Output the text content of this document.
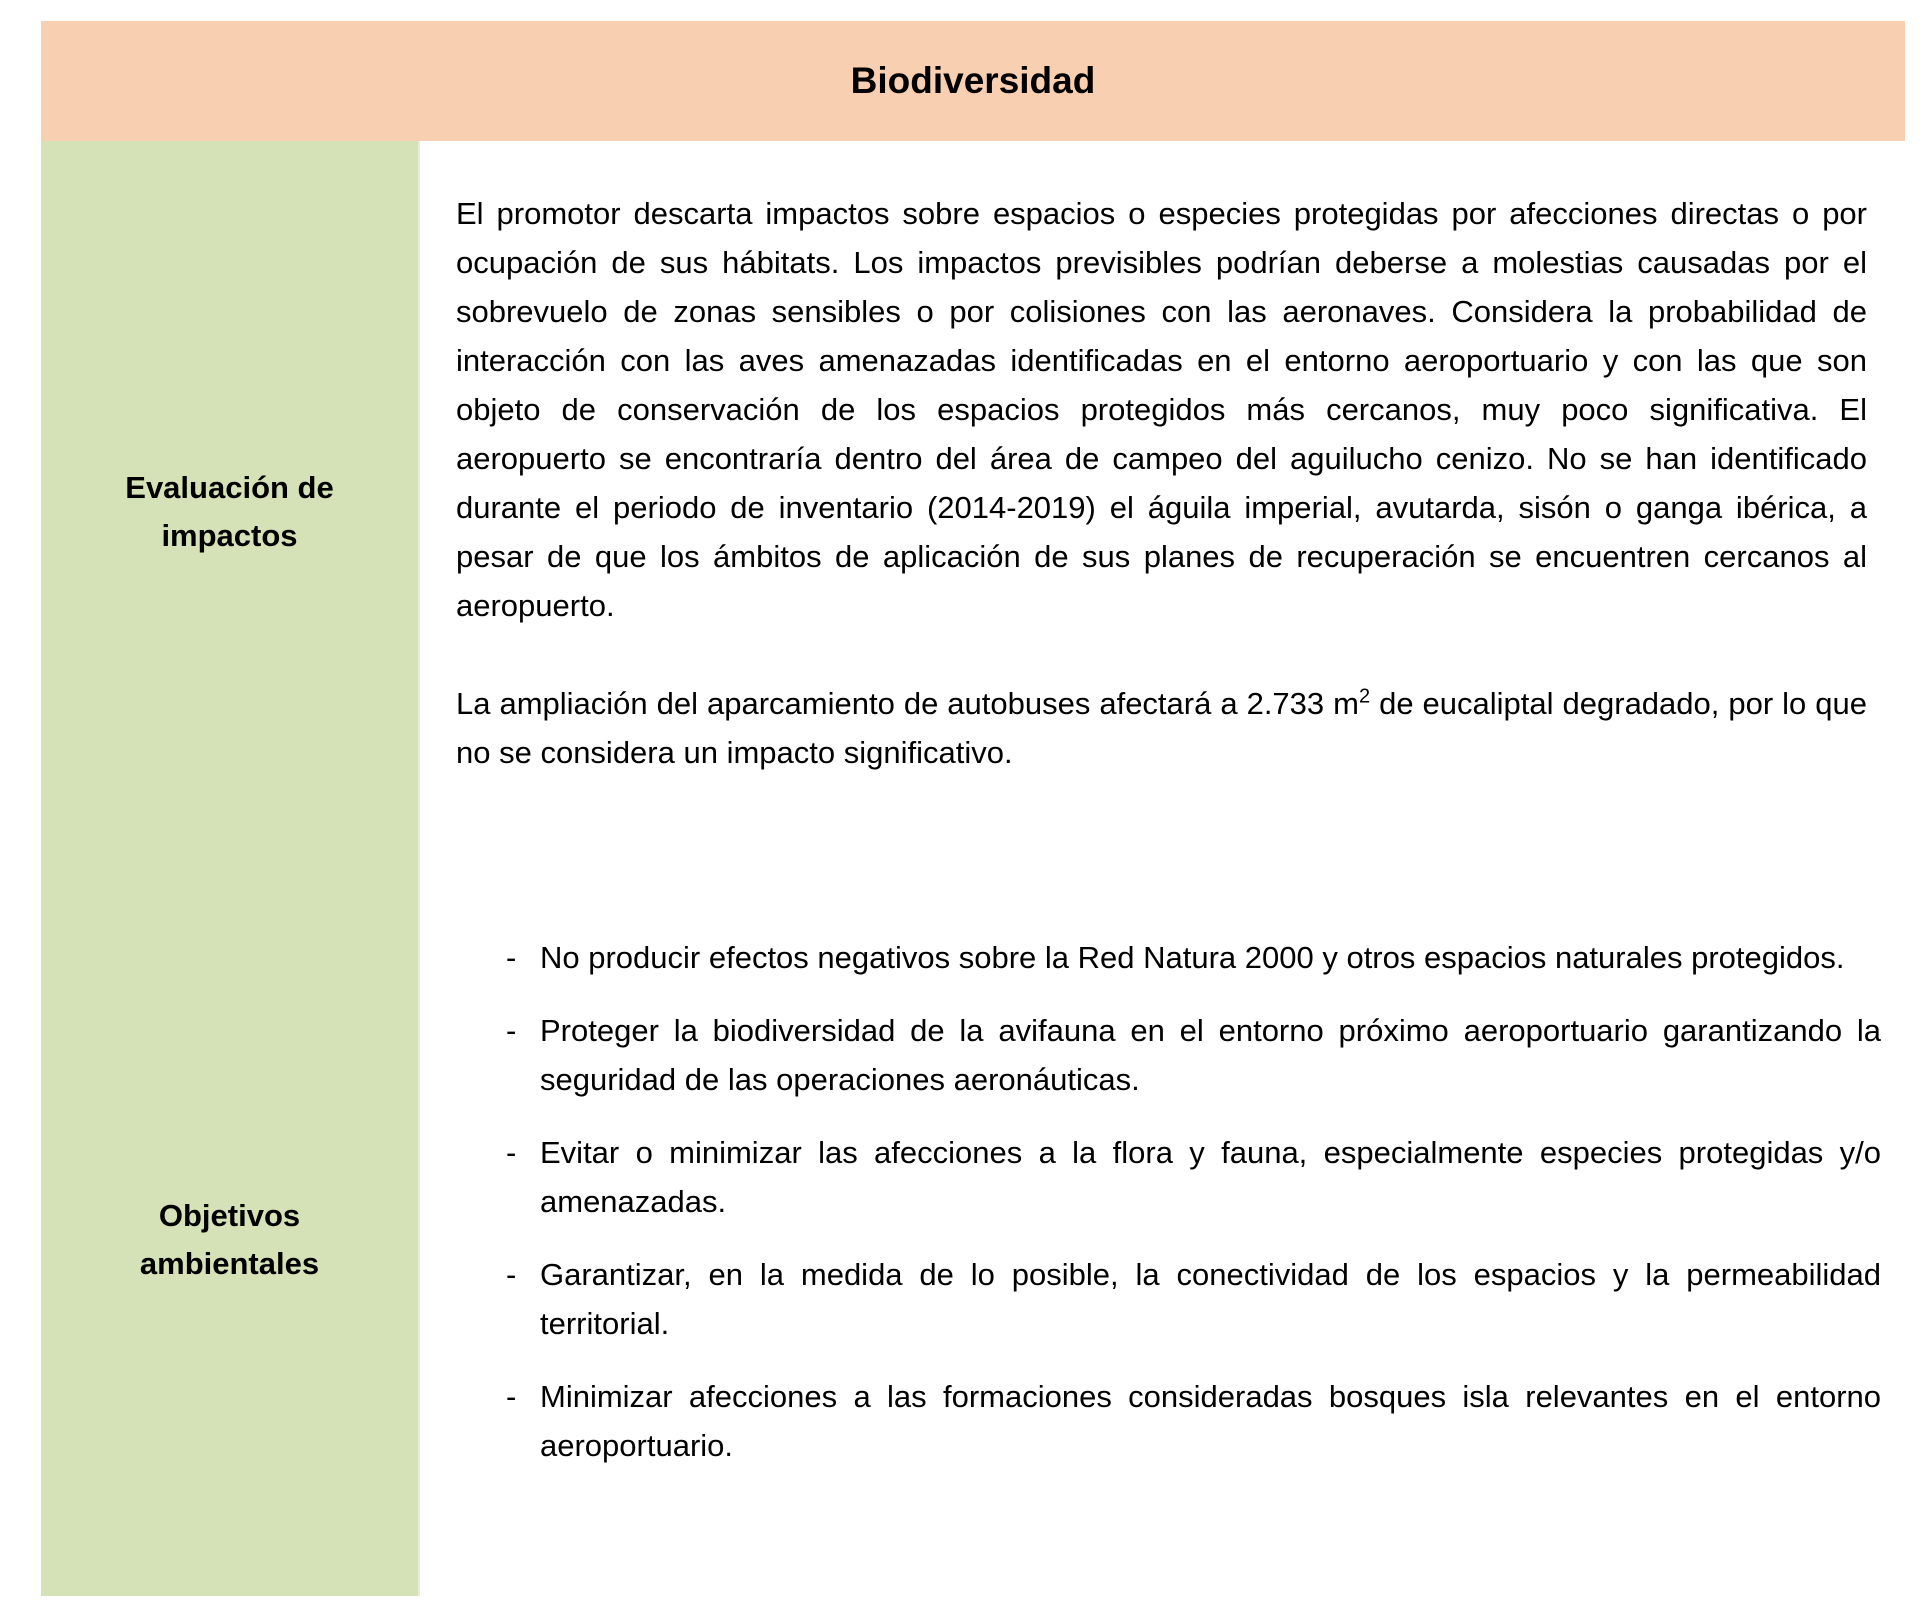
Biodiversidad
Evaluación de
impactos

El promotor descarta impactos sobre espacios o especies protegidas por afecciones directas o por ocupación de sus hábitats. Los impactos previsibles podrían deberse a molestias causadas por el sobrevuelo de zonas sensibles o por colisiones con las aeronaves. Considera la probabilidad de interacción con las aves amenazadas identificadas en el entorno aeroportuario y con las que son objeto de conservación de los espacios protegidos más cercanos, muy poco significativa. El aeropuerto se encontraría dentro del área de campeo del aguilucho cenizo. No se han identificado durante el periodo de inventario (2014-2019) el águila imperial, avutarda, sisón o ganga ibérica, a pesar de que los ámbitos de aplicación de sus planes de recuperación se encuentren cercanos al aeropuerto.

La ampliación del aparcamiento de autobuses afectará a 2.733 $m^2$ de eucaliptal degradado, por lo que no se considera un impacto significativo.

Objetivos
ambientales
- No producir efectos negativos sobre la Red Natura 2000 y otros espacios naturales protegidos.
- Proteger la biodiversidad de la avifauna en el entorno próximo aeroportuario garantizando la seguridad de las operaciones aeronáuticas.
- Evitar o minimizar las afecciones a la flora y fauna, especialmente especies protegidas y/o amenazadas.
- Garantizar, en la medida de lo posible, la conectividad de los espacios y la permeabilidad territorial.
- Minimizar afecciones a las formaciones consideradas bosques isla relevantes en el entorno aeroportuario.
